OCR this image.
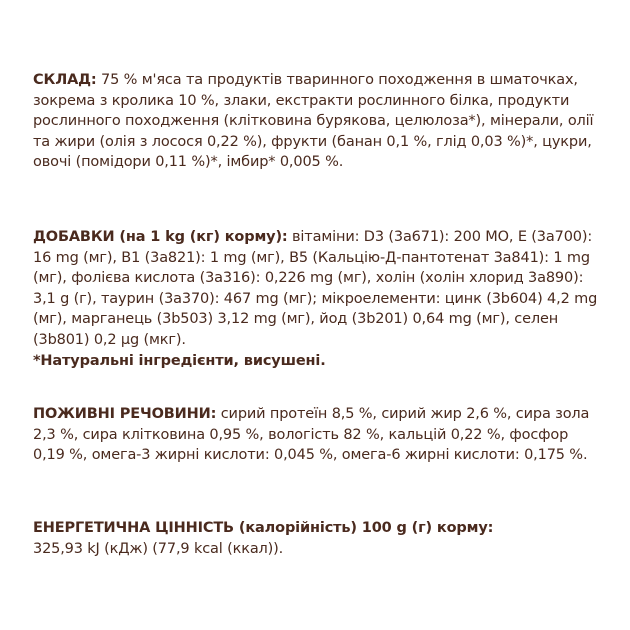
СКЛАД: 75 % м'яса та продуктів тваринного походження в шматочках, зокрема з кролика 10 %, злаки, екстракти рослинного білка, продукти рослинного походження (клітковина бурякова, целюлоза*), мінерали, олії та жири (олія з лосося 0,22 %), фрукти (банан 0,1 %, глід 0,03 %)*, цукри, овочі (помідори 0,11 %)*, імбир* 0,005 %.
ДОБАВКИ (на 1 kg (кг) корму): вітаміни: D3 (3a671): 200 МО, Е (3a700): 16 mg (мг), B1 (3a821): 1 mg (мг), B5 (Кальцію-Д-пантотенат 3a841): 1 mg (мг), фолієва кислота (3a316): 0,226 mg (мг), холін (холін хлорид 3a890): 3,1 g (г), таурин (3a370): 467 mg (мг); мікроелементи: цинк (3b604) 4,2 mg (мг), марганець (3b503) 3,12 mg (мг), йод (3b201) 0,64 mg (мг), селен (3b801) 0,2 µg (мкг).
*Натуральні інгредієнти, висушені.
ПОЖИВНІ РЕЧОВИНИ: сирий протеїн 8,5 %, сирий жир 2,6 %, сира зола 2,3 %, сира клітковина 0,95 %, вологість 82 %, кальцій 0,22 %, фосфор 0,19 %, омега-3 жирні кислоти: 0,045 %, омега-6 жирні кислоти: 0,175 %.
ЕНЕРГЕТИЧНА ЦІННІСТЬ (калорійність) 100 g (г) корму:
325,93 kJ (кДж) (77,9 kcal (ккал)).
